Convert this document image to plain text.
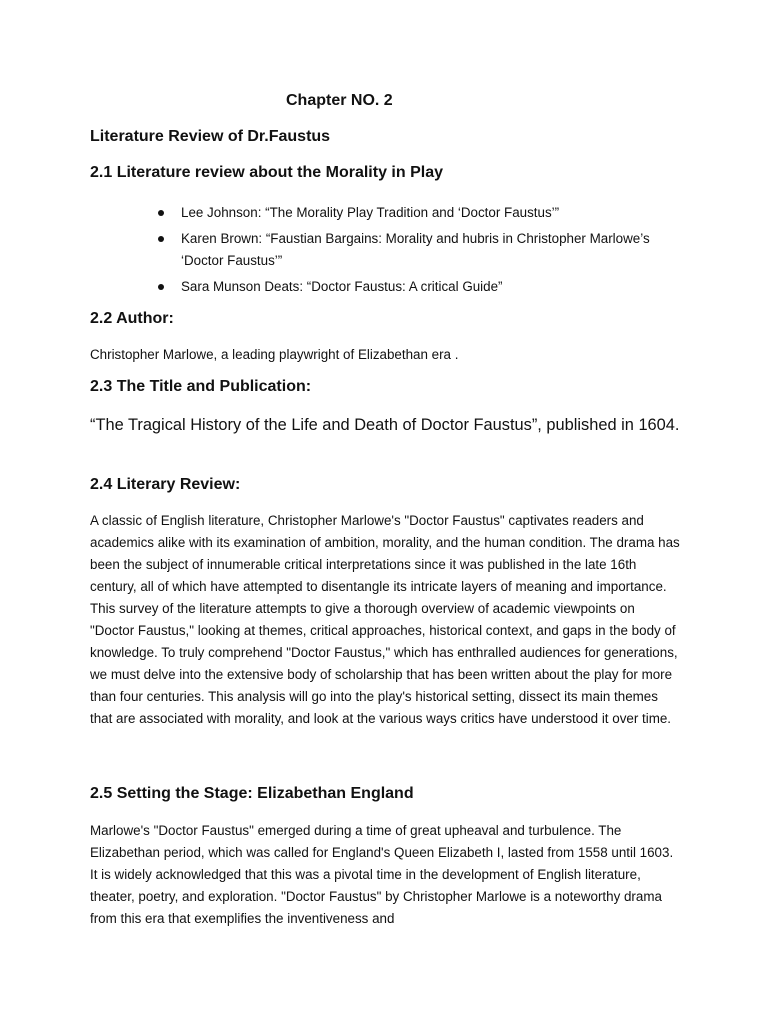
Chapter NO. 2
Literature Review of Dr.Faustus
2.1 Literature review about the Morality in Play
Lee Johnson: “The Morality Play Tradition and ‘Doctor Faustus’”
Karen Brown: “Faustian Bargains: Morality and hubris in Christopher Marlowe’s ‘Doctor Faustus’”
Sara Munson Deats: “Doctor Faustus: A critical Guide”
2.2 Author:

Christopher Marlowe, a leading playwright of Elizabethan era .

2.3 The Title and Publication:

“The Tragical History of the Life and Death of Doctor Faustus”, published in 1604.

2.4 Literary Review:

A classic of English literature, Christopher Marlowe's "Doctor Faustus" captivates readers and academics alike with its examination of ambition, morality, and the human condition. The drama has been the subject of innumerable critical interpretations since it was published in the late 16th century, all of which have attempted to disentangle its intricate layers of meaning and importance. This survey of the literature attempts to give a thorough overview of academic viewpoints on "Doctor Faustus," looking at themes, critical approaches, historical context, and gaps in the body of knowledge. To truly comprehend "Doctor Faustus," which has enthralled audiences for generations, we must delve into the extensive body of scholarship that has been written about the play for more than four centuries. This analysis will go into the play's historical setting, dissect its main themes that are associated with morality, and look at the various ways critics have understood it over time.

2.5 Setting the Stage: Elizabethan England

Marlowe's "Doctor Faustus" emerged during a time of great upheaval and turbulence. The Elizabethan period, which was called for England's Queen Elizabeth I, lasted from 1558 until 1603. It is widely acknowledged that this was a pivotal time in the development of English literature, theater, poetry, and exploration. "Doctor Faustus" by Christopher Marlowe is a noteworthy drama from this era that exemplifies the inventiveness and
